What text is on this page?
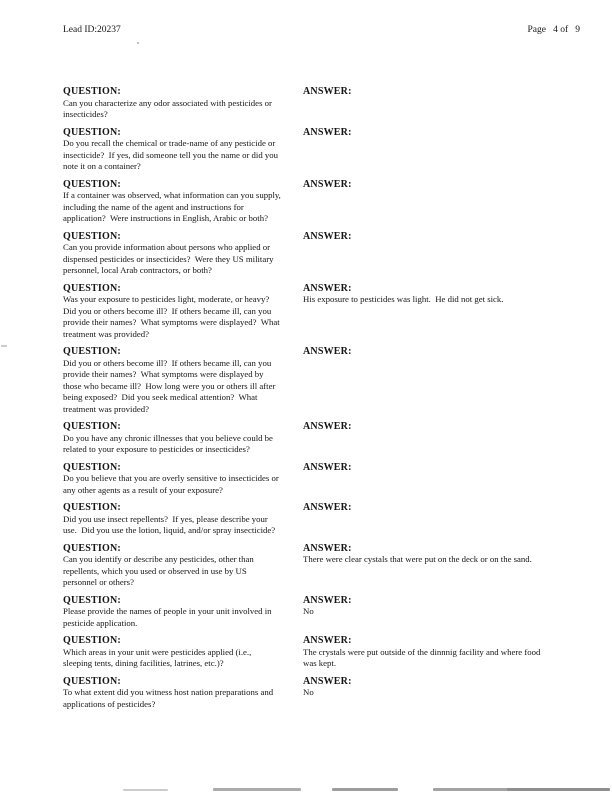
Lead ID:20237	Page   4 of   9
QUESTION:
Can you characterize any odor associated with pesticides or insecticides?
ANSWER:
QUESTION:
Do you recall the chemical or trade-name of any pesticide or insecticide?  If yes, did someone tell you the name or did you note it on a container?
ANSWER:
QUESTION:
If a container was observed, what information can you supply, including the name of the agent and instructions for application?  Were instructions in English, Arabic or both?
ANSWER:
QUESTION:
Can you provide information about persons who applied or dispensed pesticides or insecticides?  Were they US military personnel, local Arab contractors, or both?
ANSWER:
QUESTION:
Was your exposure to pesticides light, moderate, or heavy?  Did you or others become ill?  If others became ill, can you provide their names?  What symptoms were displayed?  What treatment was provided?
ANSWER:
His exposure to pesticides was light.  He did not get sick.
QUESTION:
Did you or others become ill?  If others became ill, can you provide their names?  What symptoms were displayed by those who became ill?  How long were you or others ill after being exposed?  Did you seek medical attention?  What treatment was provided?
ANSWER:
QUESTION:
Do you have any chronic illnesses that you believe could be related to your exposure to pesticides or insecticides?
ANSWER:
QUESTION:
Do you believe that you are overly sensitive to insecticides or any other agents as a result of your exposure?
ANSWER:
QUESTION:
Did you use insect repellents?  If yes, please describe your use.  Did you use the lotion, liquid, and/or spray insecticide?
ANSWER:
QUESTION:
Can you identify or describe any pesticides, other than repellents, which you used or observed in use by US personnel or others?
ANSWER:
There were clear cystals that were put on the deck or on the sand.
QUESTION:
Please provide the names of people in your unit involved in pesticide application.
ANSWER:
No
QUESTION:
Which areas in your unit were pesticides applied (i.e., sleeping tents, dining facilities, latrines, etc.)?
ANSWER:
The crystals were put outside of the dinnnig facility and where food was kept.
QUESTION:
To what extent did you witness host nation preparations and applications of pesticides?
ANSWER:
No
